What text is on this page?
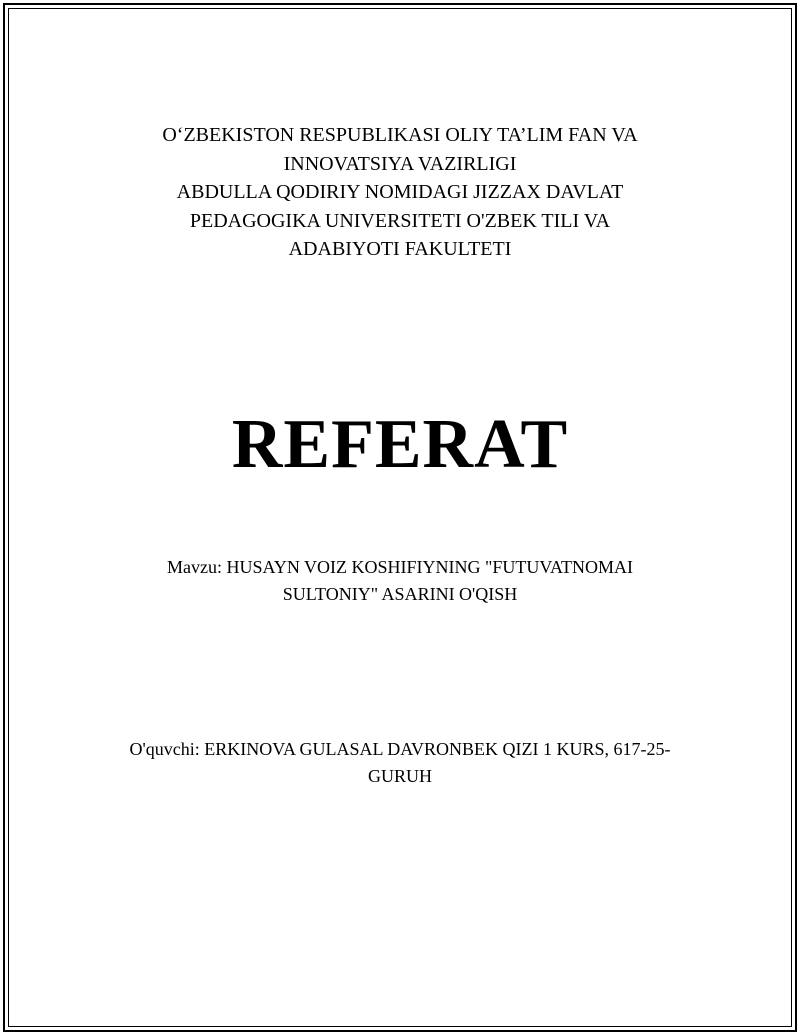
O‘ZBEKISTON RESPUBLIKASI OLIY TA’LIM FAN VA
INNOVATSIYA VAZIRLIGI
ABDULLA QODIRIY NOMIDAGI JIZZAX DAVLAT
PEDAGOGIKA UNIVERSITETI O'ZBEK TILI VA
ADABIYOTI FAKULTETI
REFERAT
Mavzu: HUSAYN VOIZ KOSHIFIYNING "FUTUVATNOMAI
SULTONIY" ASARINI O'QISH
O'quvchi: ERKINOVA GULASAL DAVRONBEK QIZI 1 KURS, 617-25-
GURUH
